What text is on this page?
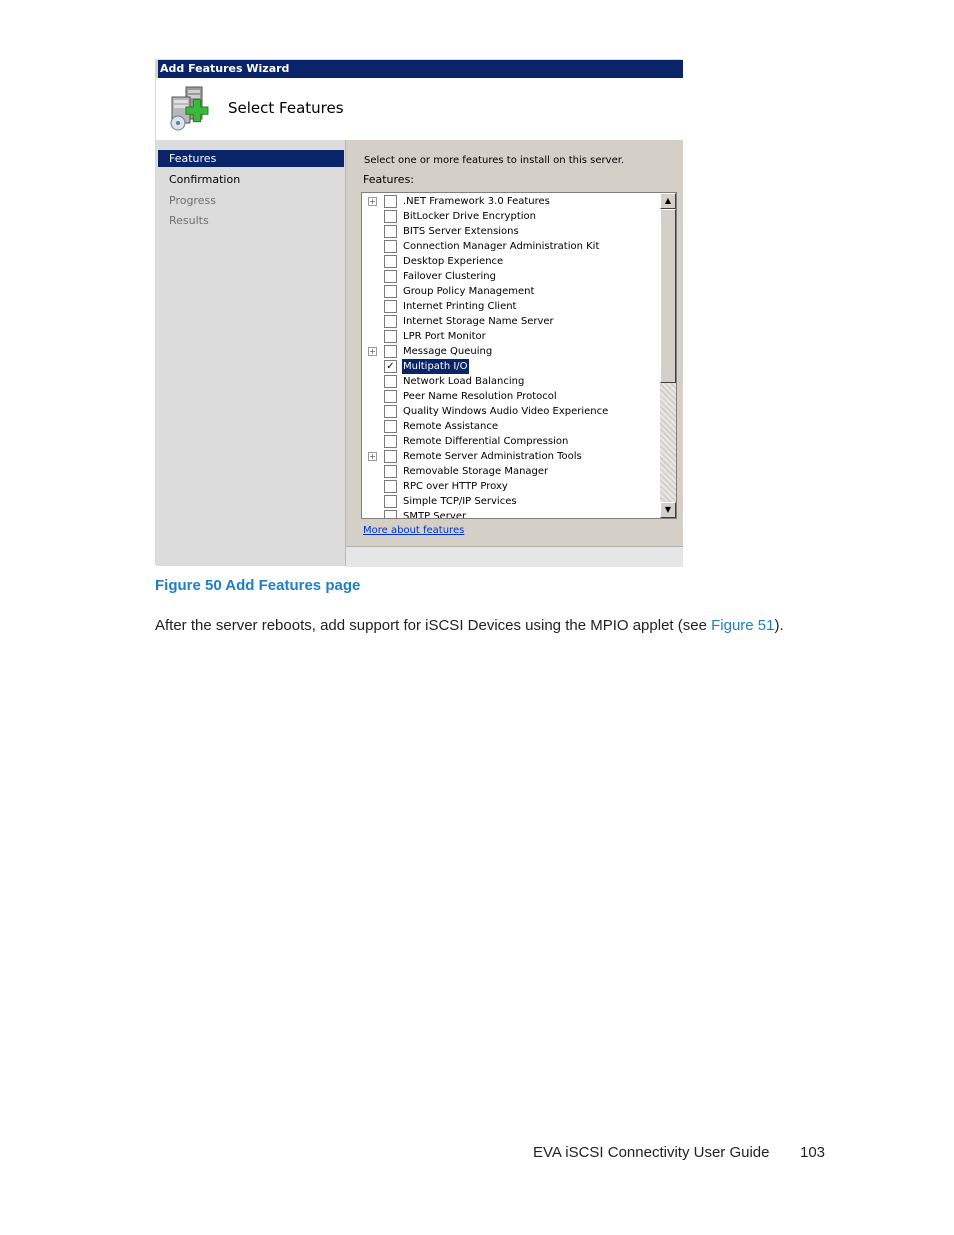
Add Features Wizard
Select Features
Features
Confirmation
Progress
Results
Select one or more features to install on this server.
Features:
+	.NET Framework 3.0 Features
BitLocker Drive Encryption
BITS Server Extensions
Connection Manager Administration Kit
Desktop Experience
Failover Clustering
Group Policy Management
Internet Printing Client
Internet Storage Name Server
LPR Port Monitor
+	Message Queuing
✓ Multipath I/O
Network Load Balancing
Peer Name Resolution Protocol
Quality Windows Audio Video Experience
Remote Assistance
Remote Differential Compression
+	Remote Server Administration Tools
Removable Storage Manager
RPC over HTTP Proxy
Simple TCP/IP Services
SMTP Server
▲
▼
More about features
Figure 50 Add Features page
After the server reboots, add support for iSCSI Devices using the MPIO applet (see Figure 51).
EVA iSCSI Connectivity User Guide 103
